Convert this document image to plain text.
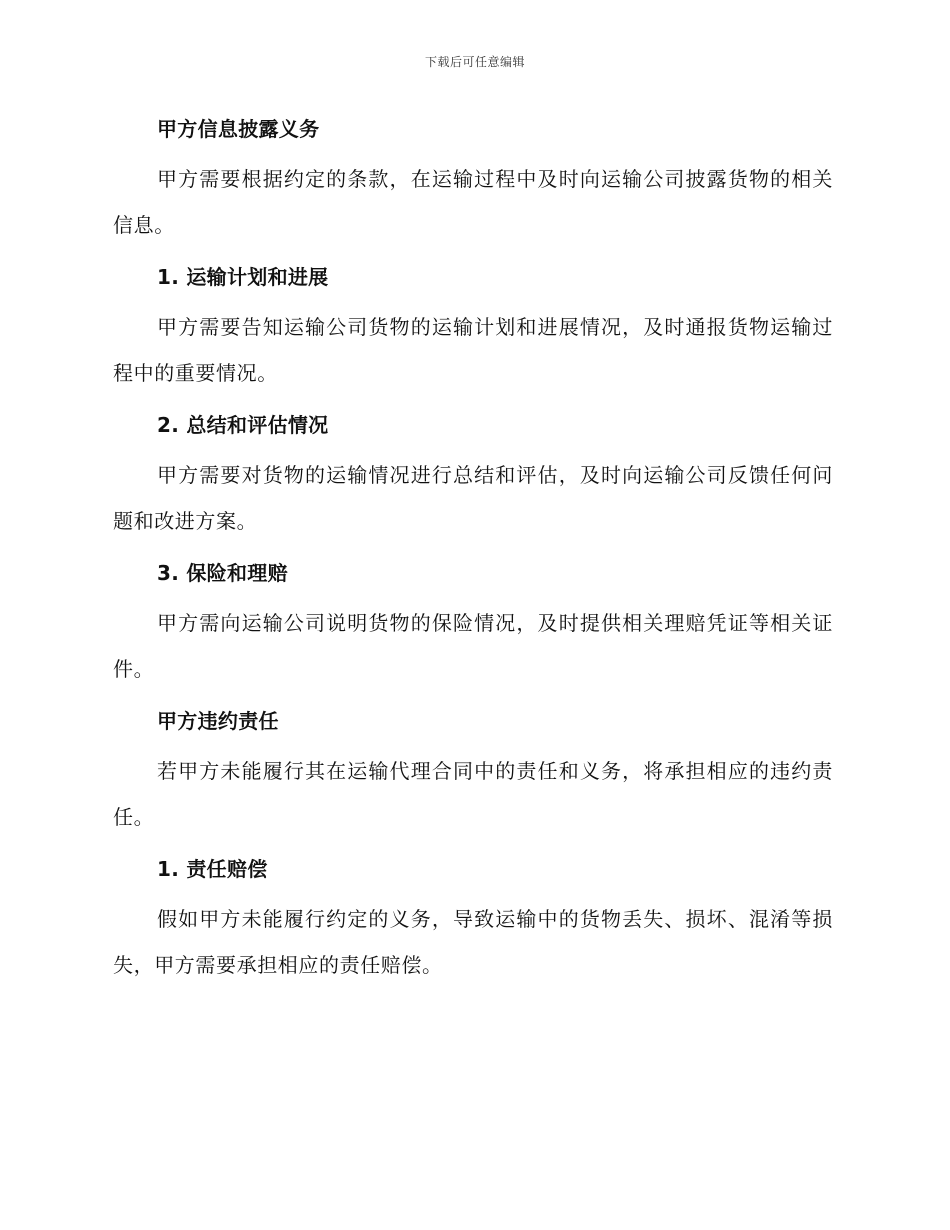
下载后可任意编辑
甲方信息披露义务

甲方需要根据约定的条款，在运输过程中及时向运输公司披露货物的相关信息。

1. 运输计划和进展

甲方需要告知运输公司货物的运输计划和进展情况，及时通报货物运输过程中的重要情况。

2. 总结和评估情况

甲方需要对货物的运输情况进行总结和评估，及时向运输公司反馈任何问题和改进方案。

3. 保险和理赔

甲方需向运输公司说明货物的保险情况，及时提供相关理赔凭证等相关证件。

甲方违约责任

若甲方未能履行其在运输代理合同中的责任和义务，将承担相应的违约责任。

1. 责任赔偿

假如甲方未能履行约定的义务，导致运输中的货物丢失、损坏、混淆等损失，甲方需要承担相应的责任赔偿。
